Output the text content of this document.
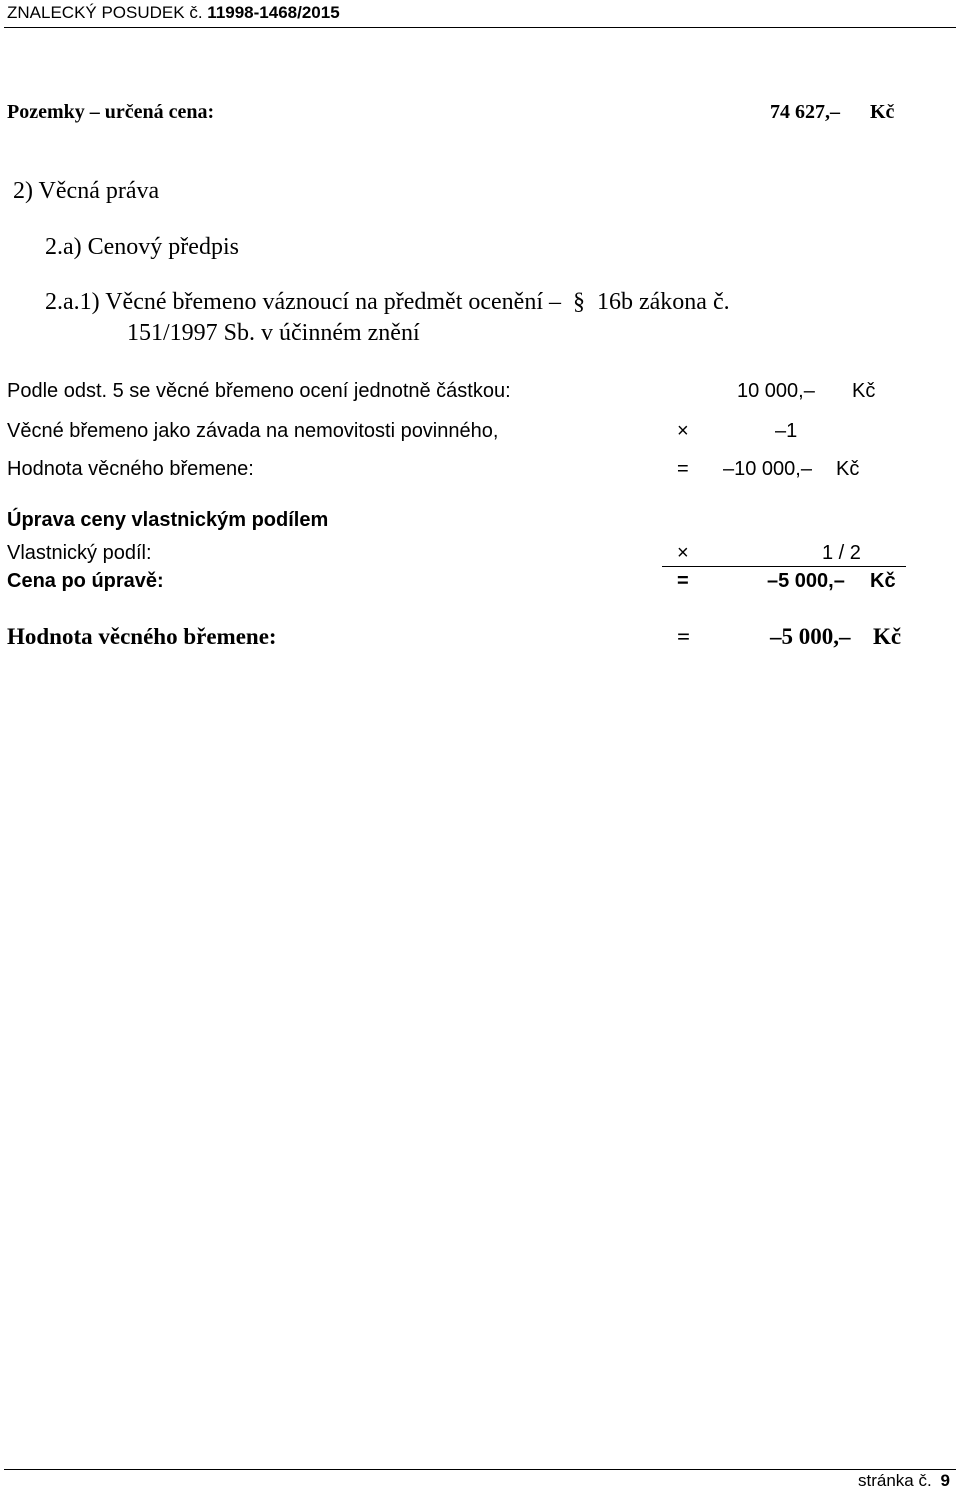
ZNALECKÝ POSUDEK č. 11998-1468/2015
Pozemky – určená cena:	74 627,– Kč
2) Věcná práva
2.a) Cenový předpis
2.a.1) Věcné břemeno váznoucí na předmět ocenění – § 16b zákona č.
151/1997 Sb. v účinném znění
Podle odst. 5 se věcné břemeno ocení jednotně částkou:	10 000,– Kč
Věcné břemeno jako závada na nemovitosti povinného,	×	–1
Hodnota věcného břemene:	= –10 000,– Kč
Úprava ceny vlastnickým podílem
Vlastnický podíl:	×	1 / 2
Cena po úpravě:	=	–5 000,– Kč
Hodnota věcného břemene:	=	–5 000,– Kč
stránka č. 9
